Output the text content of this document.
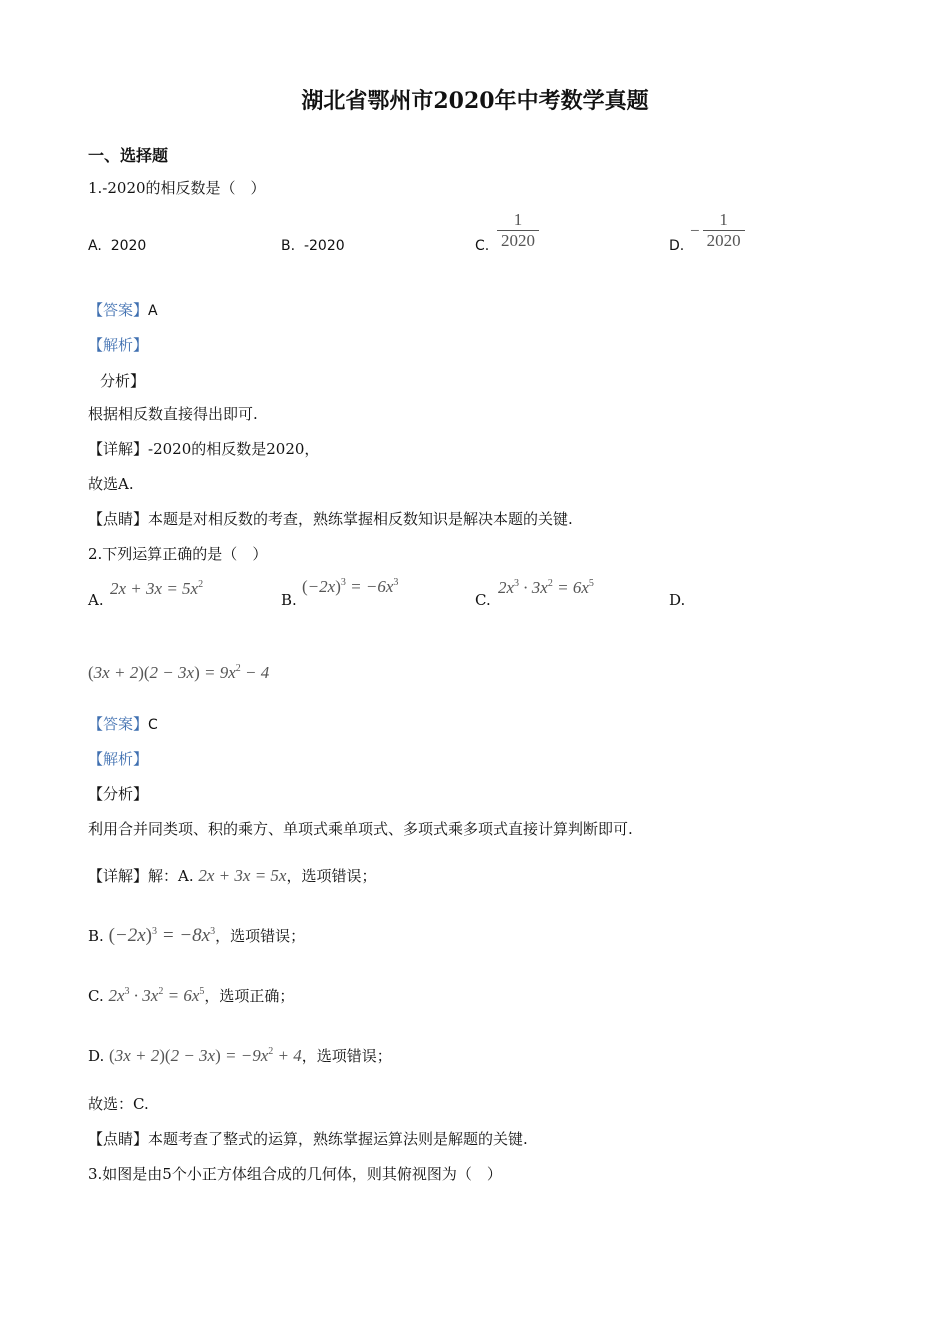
湖北省鄂州市2020年中考数学真题
一、选择题
1.-2020的相反数是（　）
A. 2020	B. -2020	C. $\frac{1}{2020}$	D.
− $\frac{1}{2020}$
【答案】A
【解析】
分析】
根据相反数直接得出即可.
【详解】-2020的相反数是2020，
故选A.
【点睛】本题是对相反数的考查，熟练掌握相反数知识是解决本题的关键.
2.下列运算正确的是（　）
A.
$2x + 3x = 5x^2$
B.
$(-2x)^3 = -6x^3$
C.
$2x^3 \cdot 3x^2 = 6x^5$
D.
$(3x + 2)(2 - 3x) = 9x^2 - 4$
【答案】C
【解析】
【分析】
利用合并同类项、积的乘方、单项式乘单项式、多项式乘多项式直接计算判断即可.
【详解】解：A. 2x + 3x = 5x，选项错误；
B. $(-2x)^3 = -8x^3$，选项错误；
C. $2x^3 \cdot 3x^2 = 6x^5$，选项正确；
D. $(3x + 2)(2 - 3x) = -9x^2 + 4$，选项错误；
故选：C.
【点睛】本题考查了整式的运算，熟练掌握运算法则是解题的关键.
3.如图是由5个小正方体组合成的几何体，则其俯视图为（　）
